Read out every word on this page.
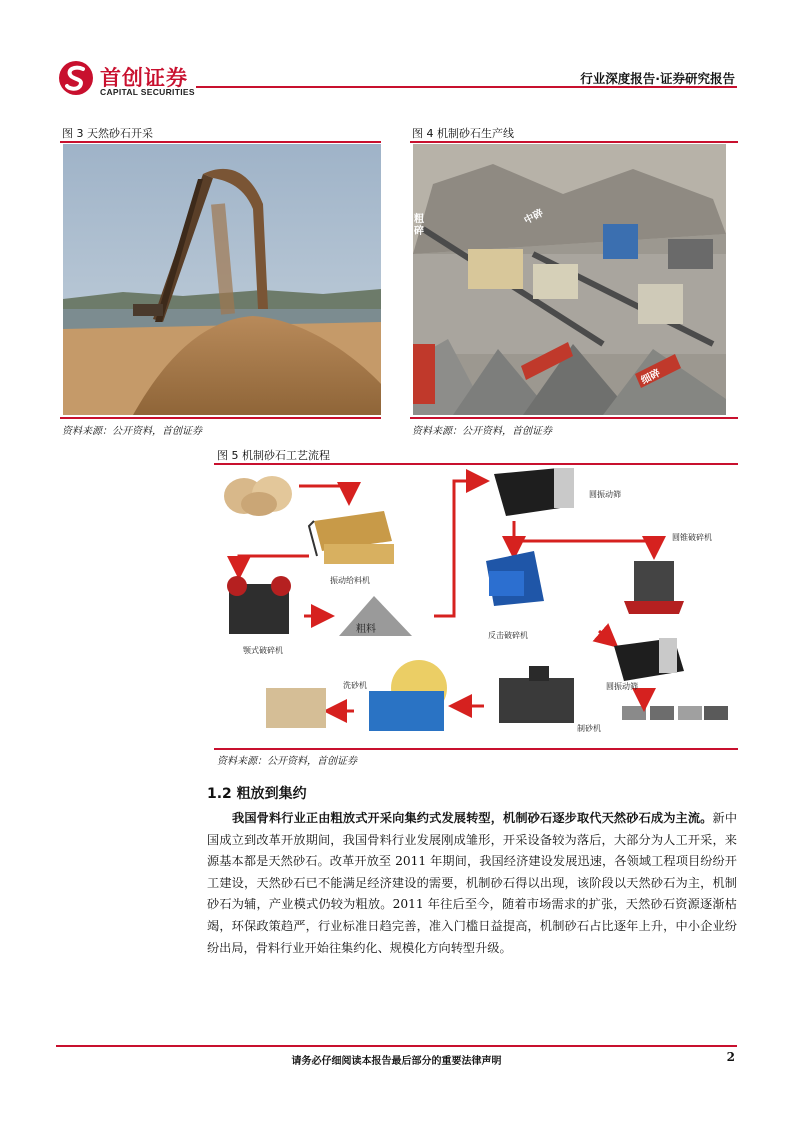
首创证券
CAPITAL SECURITIES
行业深度报告·证券研究报告
图 3 天然砂石开采
资料来源：公开资料，首创证券
图 4 机制砂石生产线
粗碎
中碎
细碎
资料来源：公开资料，首创证券
图 5 机制砂石工艺流程
振动给料机
颚式破碎机
粗料
圆振动筛
圆锥破碎机
反击破碎机
圆振动筛
洗砂机
制砂机
资料来源：公开资料，首创证券
1.2 粗放到集约
我国骨料行业正由粗放式开采向集约式发展转型，机制砂石逐步取代天然砂石成为主流。新中国成立到改革开放期间，我国骨料行业发展刚成雏形，开采设备较为落后，大部分为人工开采，来源基本都是天然砂石。改革开放至 2011 年期间，我国经济建设发展迅速，各领域工程项目纷纷开工建设，天然砂石已不能满足经济建设的需要，机制砂石得以出现，该阶段以天然砂石为主，机制砂石为辅，产业模式仍较为粗放。2011 年往后至今，随着市场需求的扩张，天然砂石资源逐渐枯竭，环保政策趋严，行业标准日趋完善，准入门槛日益提高，机制砂石占比逐年上升，中小企业纷纷出局，骨料行业开始往集约化、规模化方向转型升级。
请务必仔细阅读本报告最后部分的重要法律声明	2
